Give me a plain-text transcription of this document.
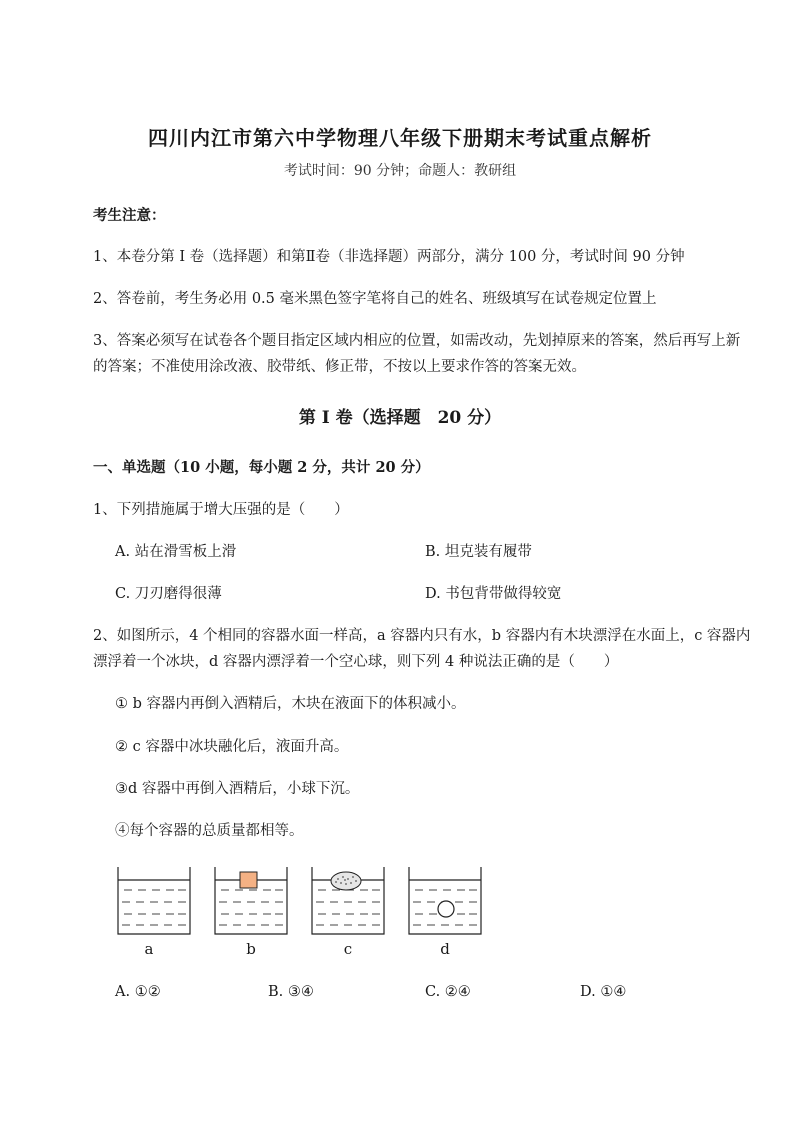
四川内江市第六中学物理八年级下册期末考试重点解析
考试时间：90 分钟；命题人：教研组
考生注意：
1、本卷分第 I 卷（选择题）和第Ⅱ卷（非选择题）两部分，满分 100 分，考试时间 90 分钟
2、答卷前，考生务必用 0.5 毫米黑色签字笔将自己的姓名、班级填写在试卷规定位置上
3、答案必须写在试卷各个题目指定区域内相应的位置，如需改动，先划掉原来的答案，然后再写上新的答案；不准使用涂改液、胶带纸、修正带，不按以上要求作答的答案无效。
第 I 卷（选择题　20 分）
一、单选题（10 小题，每小题 2 分，共计 20 分）
1、下列措施属于增大压强的是（　　）
A. 站在滑雪板上滑	B. 坦克装有履带
C. 刀刃磨得很薄	D. 书包背带做得较宽
2、如图所示，4 个相同的容器水面一样高，a 容器内只有水，b 容器内有木块漂浮在水面上，c 容器内
漂浮着一个冰块，d 容器内漂浮着一个空心球，则下列 4 种说法正确的是（　　）
① b 容器内再倒入酒精后，木块在液面下的体积减小。
② c 容器中冰块融化后，液面升高。
③d 容器中再倒入酒精后，小球下沉。
④每个容器的总质量都相等。
a	b	c	d
A. ①②	B. ③④	C. ②④	D. ①④
